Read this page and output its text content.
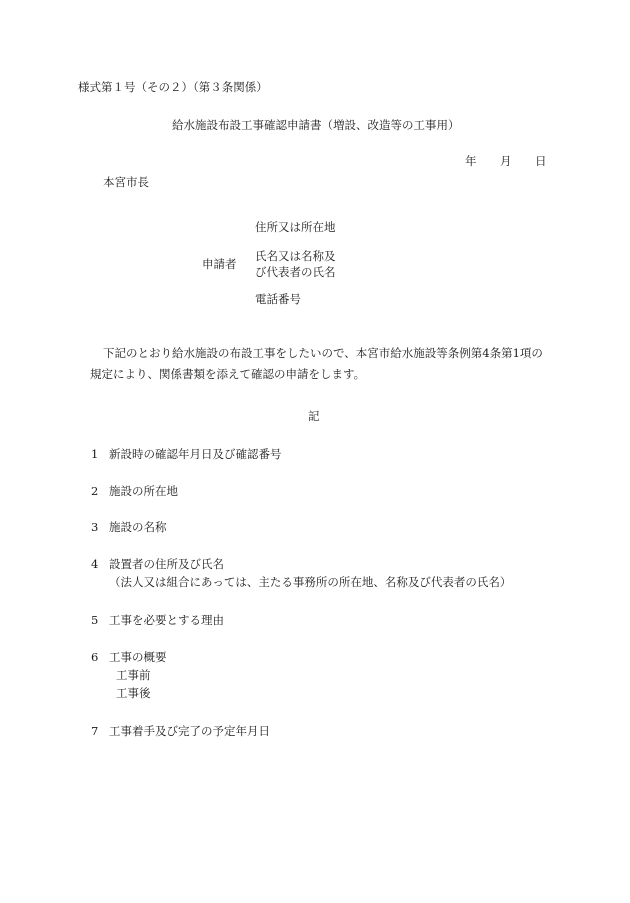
様式第１号（その２）（第３条関係）
給水施設布設工事確認申請書（増設、改造等の工事用）
年 月 日
本宮市長
申請者
住所又は所在地
氏名又は名称及
び代表者の氏名
電話番号
下記のとおり給水施設の布設工事をしたいので、本宮市給水施設等条例第4条第1項の
規定により、関係書類を添えて確認の申請をします。
記
1 新設時の確認年月日及び確認番号
2 施設の所在地
3 施設の名称
4 設置者の住所及び氏名
（法人又は組合にあっては、主たる事務所の所在地、名称及び代表者の氏名）
5 工事を必要とする理由
6 工事の概要
工事前
工事後
7 工事着手及び完了の予定年月日
